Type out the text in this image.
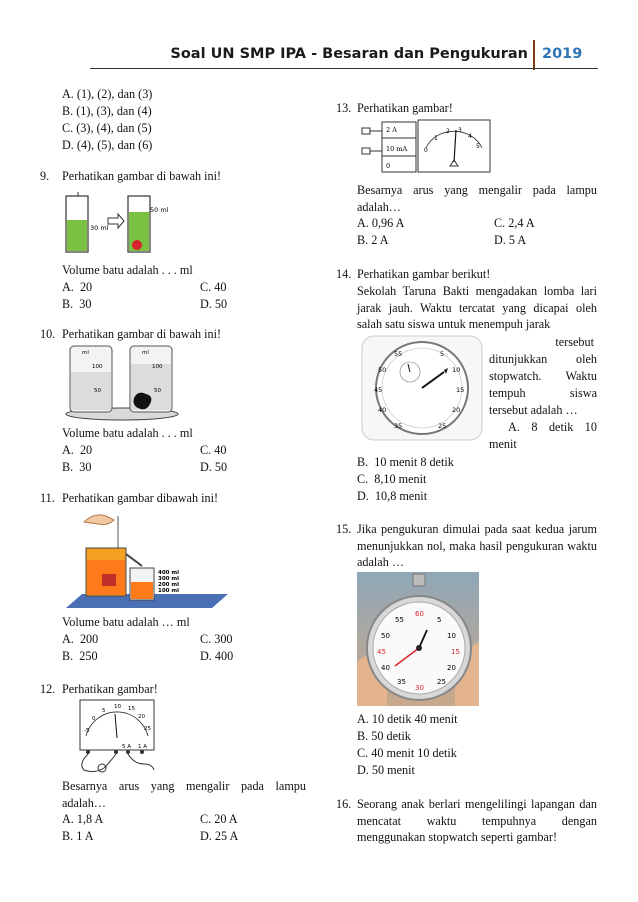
Soal UN SMP IPA - Besaran dan Pengukuran 2019
A. (1), (2), dan (3)
B. (1), (3), dan (4)
C. (3), (4), dan (5)
D. (4), (5), dan (6)
9. Perhatikan gambar di bawah ini!
30 ml
50 ml
Volume batu adalah . . . ml
A. 20	C. 40
B. 30	D. 50
10. Perhatikan gambar di bawah ini!
ml
100
50
ml
100
50
Volume batu adalah . . . ml
A. 20	C. 40
B. 30	D. 50
11. Perhatikan gambar dibawah ini!
400 ml
300 ml
200 ml
100 ml
Volume batu adalah … ml
A. 200	C. 300
B. 250	D. 400
12. Perhatikan gambar!
-5
0
5
10 15
20
25
5 A 1 A
Besarnya arus yang mengalir pada lampu adalah…
A. 1,8 A	C. 20 A
B. 1 A	D. 25 A
13. Perhatikan gambar!
2 A
10 mA
0
0
1
2 3
4
5
Besarnya arus yang mengalir pada lampu adalah…
A. 0,96 A	C. 2,4 A
B. 2 A	D. 5 A
14. Perhatikan gambar berikut!
Sekolah Taruna Bakti mengadakan lomba lari jarak jauh. Waktu tercatat yang dicapai oleh salah satu siswa untuk menempuh jarak
55	5
50	10
45	15
40	20
35	25
tersebut
ditunjukkan oleh
stopwatch. Waktu
tempuh siswa
tersebut adalah …
A. 8 detik 10
menit
B. 10 menit 8 detik
C. 8,10 menit
D. 10,8 menit
15. Jika pengukuran dimulai pada saat kedua jarum menunjukkan nol, maka hasil pengukuran waktu adalah …
60
5
55
10
50
15
45
20
40
25
35
30
A. 10 detik 40 menit
B. 50 detik
C. 40 menit 10 detik
D. 50 menit
16. Seorang anak berlari mengelilingi lapangan dan mencatat waktu tempuhnya dengan menggunakan stopwatch seperti gambar!
